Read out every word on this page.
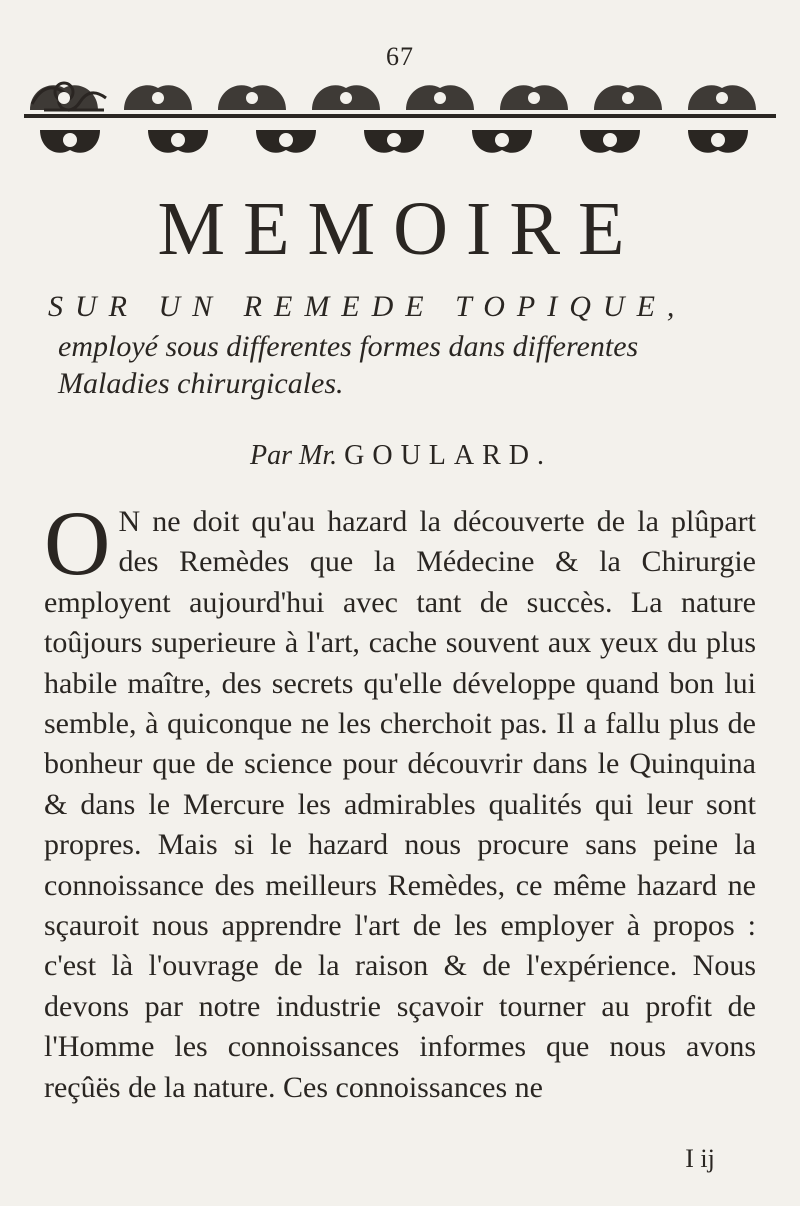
67
MEMOIRE
SUR UN REMEDE TOPIQUE,
employé sous differentes formes dans differentes
Maladies chirurgicales.
Par Mr. GOULARD.
O N ne doit qu'au hazard la découverte de la plûpart des Remèdes que la Médecine & la Chirurgie employent aujourd'hui avec tant de succès. La nature toûjours superieure à l'art, cache souvent aux yeux du plus habile maître, des secrets qu'elle développe quand bon lui semble, à quiconque ne les cherchoit pas. Il a fallu plus de bonheur que de science pour découvrir dans le Quinquina & dans le Mercure les admirables qualités qui leur sont propres. Mais si le hazard nous procure sans peine la connoissance des meilleurs Remèdes, ce même hazard ne sçauroit nous apprendre l'art de les employer à propos : c'est là l'ouvrage de la raison & de l'expérience. Nous devons par notre industrie sçavoir tourner au profit de l'Homme les connoissances informes que nous avons reçûës de la nature. Ces connoissances ne
I ij
